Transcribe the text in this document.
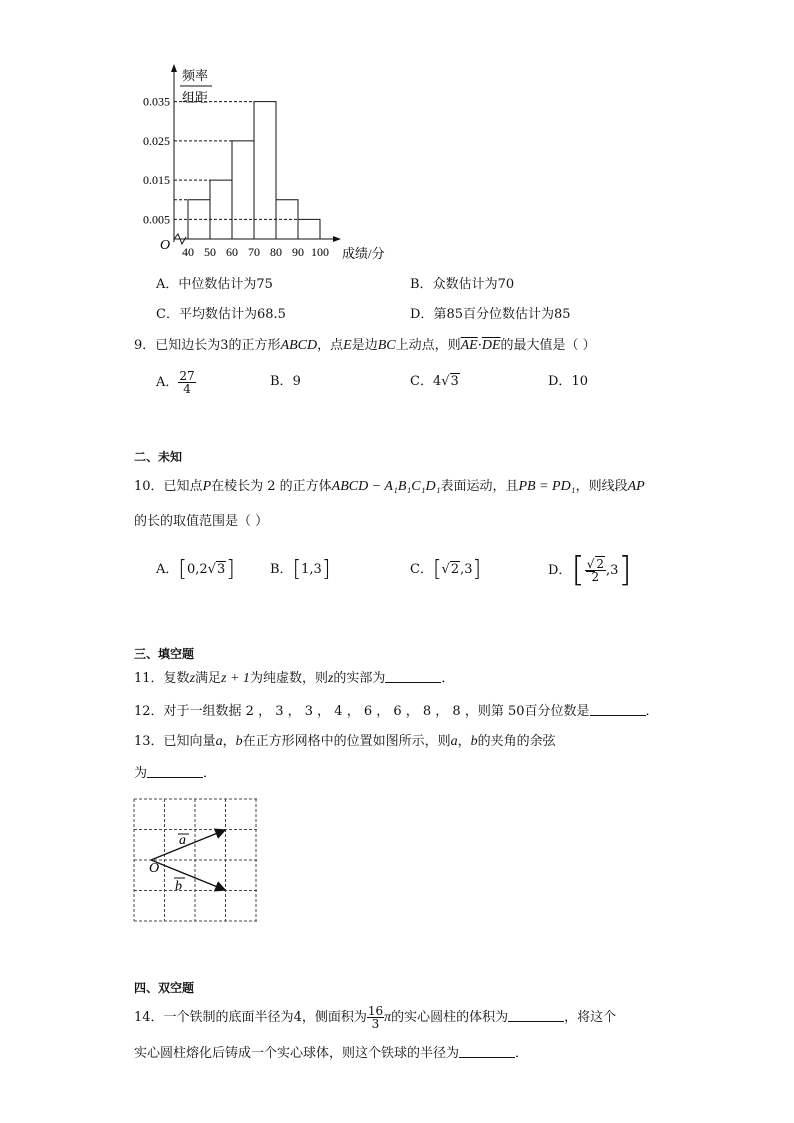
频率
组距
O
成绩/分
0.005
0.015
0.025
0.035
40 50 60 70 80 90 100
A．中位数估计为75	B．众数估计为70
C．平均数估计为68.5	D．第85百分位数估计为85
9．已知边长为3的正方形ABCD，点E是边BC上动点，则$\overline{AE}\cdot\overline{DE}$的最大值是（ ）
A． $\frac{27}{4}$	B．9	C．4√3	D．10
二、未知
10．已知点P在棱长为 2 的正方体ABCD − A₁B₁C₁D₁表面运动，且PB = PD₁，则线段AP
的长的取值范围是（ ）
A．[0,2√3]	B．[1,3]	C．[√2,3]	D．[ $\frac{√ 2}{2} ,3$]
三、填空题
11．复数z满足z + 1为纯虚数，则z的实部为	．
12．对于一组数据 2 ， 3 ， 3 ， 4 ， 6 ， 6 ， 8 ， 8 ，则第 50百分位数是	．
13．已知向量a，b在正方形网格中的位置如图所示，则a，b的夹角的余弦
为	．
O
a
b
四、双空题
14．一个铁制的底面半径为4，侧面积为 $\frac{16}{3}$ π的实心圆柱的体积为	，将这个
实心圆柱熔化后铸成一个实心球体，则这个铁球的半径为	．
